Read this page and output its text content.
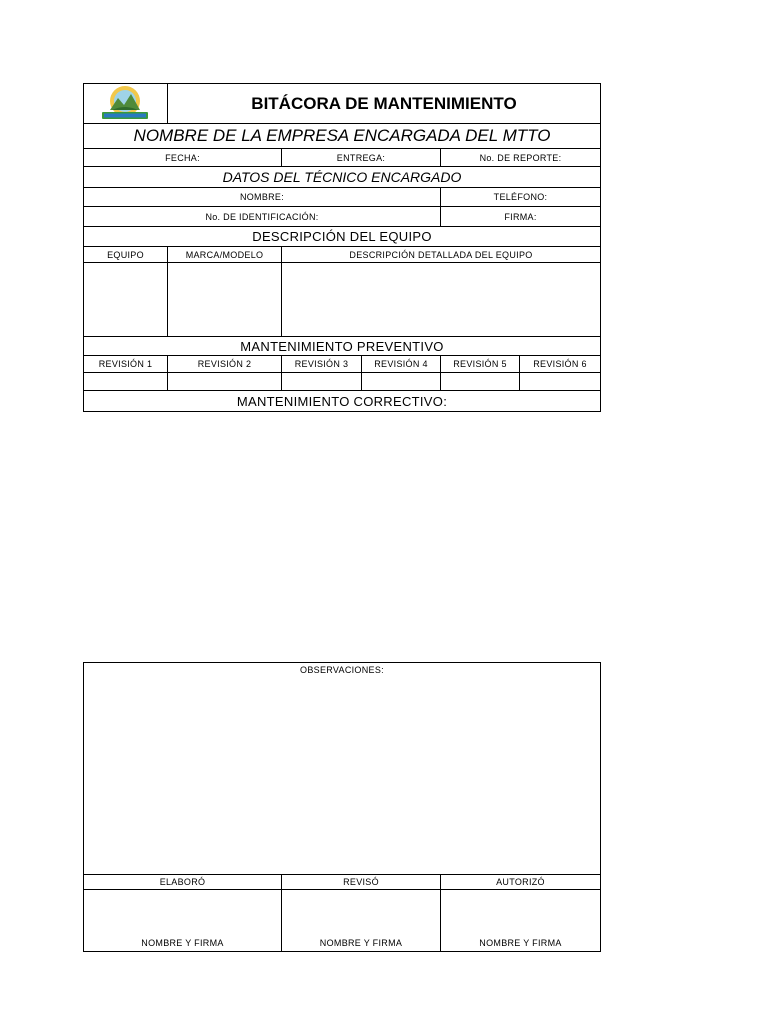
BITÁCORA DE MANTENIMIENTO
NOMBRE DE LA EMPRESA ENCARGADA DEL MTTO
FECHA:	ENTREGA:	No. DE REPORTE:
DATOS DEL TÉCNICO ENCARGADO
NOMBRE:	TELÉFONO:
No. DE IDENTIFICACIÓN:	FIRMA:
DESCRIPCIÓN DEL EQUIPO
EQUIPO	MARCA/MODELO	DESCRIPCIÓN DETALLADA DEL EQUIPO
MANTENIMIENTO PREVENTIVO
REVISIÓN 1	REVISIÓN 2	REVISIÓN 3	REVISIÓN 4	REVISIÓN 5	REVISIÓN 6
MANTENIMIENTO CORRECTIVO:
OBSERVACIONES:
ELABORÓ	REVISÓ	AUTORIZÓ
NOMBRE Y FIRMA	NOMBRE Y FIRMA	NOMBRE Y FIRMA
